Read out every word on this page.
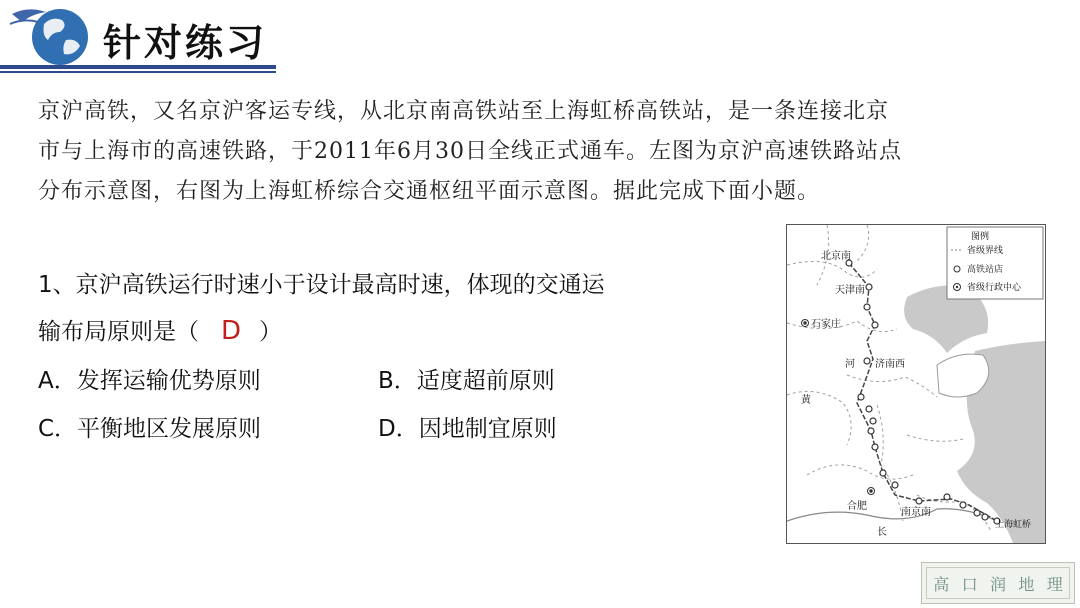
针对练习
京沪高铁，又名京沪客运专线，从北京南高铁站至上海虹桥高铁站，是一条连接北京
市与上海市的高速铁路，于2011年6月30日全线正式通车。左图为京沪高速铁路站点
分布示意图，右图为上海虹桥综合交通枢纽平面示意图。据此完成下面小题。
1、京沪高铁运行时速小于设计最高时速，体现的交通运
输布局原则是（ D ）
A．发挥运输优势原则	B．适度超前原则
C．平衡地区发展原则	D．因地制宜原则
图例
省级界线
高铁站店
省级行政中心
北京南
天津南
石家庄
河 济南西
黄
合肥
南京南
长
上海虹桥
高 口 润 地 理
